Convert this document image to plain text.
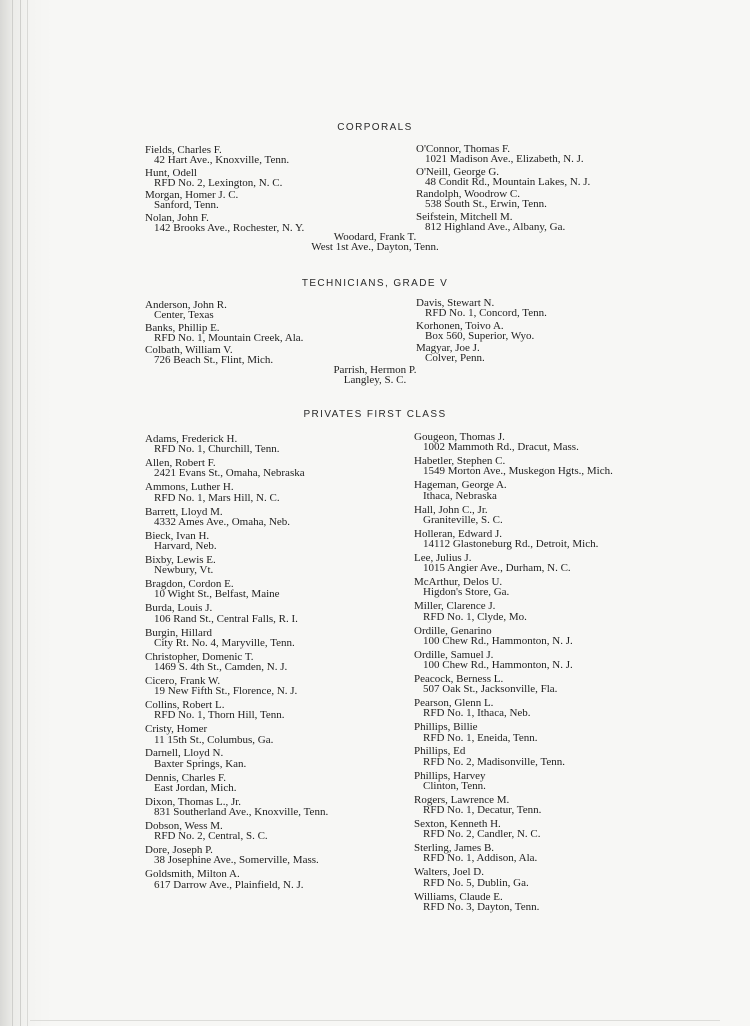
CORPORALS
Fields, Charles F.
42 Hart Ave., Knoxville, Tenn.
Hunt, Odell
RFD No. 2, Lexington, N. C.
Morgan, Homer J. C.
Sanford, Tenn.
Nolan, John F.
142 Brooks Ave., Rochester, N. Y.
O'Connor, Thomas F.
1021 Madison Ave., Elizabeth, N. J.
O'Neill, George G.
48 Condit Rd., Mountain Lakes, N. J.
Randolph, Woodrow C.
538 South St., Erwin, Tenn.
Seifstein, Mitchell M.
812 Highland Ave., Albany, Ga.
Woodard, Frank T.
West 1st Ave., Dayton, Tenn.
TECHNICIANS, GRADE V
Anderson, John R.
Center, Texas
Banks, Phillip E.
RFD No. 1, Mountain Creek, Ala.
Colbath, William V.
726 Beach St., Flint, Mich.
Davis, Stewart N.
RFD No. 1, Concord, Tenn.
Korhonen, Toivo A.
Box 560, Superior, Wyo.
Magyar, Joe J.
Colver, Penn.
Parrish, Hermon P.
Langley, S. C.
PRIVATES FIRST CLASS
Adams, Frederick H.
RFD No. 1, Churchill, Tenn.
Allen, Robert F.
2421 Evans St., Omaha, Nebraska
Ammons, Luther H.
RFD No. 1, Mars Hill, N. C.
Barrett, Lloyd M.
4332 Ames Ave., Omaha, Neb.
Bieck, Ivan H.
Harvard, Neb.
Bixby, Lewis E.
Newbury, Vt.
Bragdon, Cordon E.
10 Wight St., Belfast, Maine
Burda, Louis J.
106 Rand St., Central Falls, R. I.
Burgin, Hillard
City Rt. No. 4, Maryville, Tenn.
Christopher, Domenic T.
1469 S. 4th St., Camden, N. J.
Cicero, Frank W.
19 New Fifth St., Florence, N. J.
Collins, Robert L.
RFD No. 1, Thorn Hill, Tenn.
Cristy, Homer
11 15th St., Columbus, Ga.
Darnell, Lloyd N.
Baxter Springs, Kan.
Dennis, Charles F.
East Jordan, Mich.
Dixon, Thomas L., Jr.
831 Southerland Ave., Knoxville, Tenn.
Dobson, Wess M.
RFD No. 2, Central, S. C.
Dore, Joseph P.
38 Josephine Ave., Somerville, Mass.
Goldsmith, Milton A.
617 Darrow Ave., Plainfield, N. J.
Gougeon, Thomas J.
1002 Mammoth Rd., Dracut, Mass.
Habetler, Stephen C.
1549 Morton Ave., Muskegon Hgts., Mich.
Hageman, George A.
Ithaca, Nebraska
Hall, John C., Jr.
Graniteville, S. C.
Holleran, Edward J.
14112 Glastoneburg Rd., Detroit, Mich.
Lee, Julius J.
1015 Angier Ave., Durham, N. C.
McArthur, Delos U.
Higdon's Store, Ga.
Miller, Clarence J.
RFD No. 1, Clyde, Mo.
Ordille, Genarino
100 Chew Rd., Hammonton, N. J.
Ordille, Samuel J.
100 Chew Rd., Hammonton, N. J.
Peacock, Berness L.
507 Oak St., Jacksonville, Fla.
Pearson, Glenn L.
RFD No. 1, Ithaca, Neb.
Phillips, Billie
RFD No. 1, Eneida, Tenn.
Phillips, Ed
RFD No. 2, Madisonville, Tenn.
Phillips, Harvey
Clinton, Tenn.
Rogers, Lawrence M.
RFD No. 1, Decatur, Tenn.
Sexton, Kenneth H.
RFD No. 2, Candler, N. C.
Sterling, James B.
RFD No. 1, Addison, Ala.
Walters, Joel D.
RFD No. 5, Dublin, Ga.
Williams, Claude E.
RFD No. 3, Dayton, Tenn.
